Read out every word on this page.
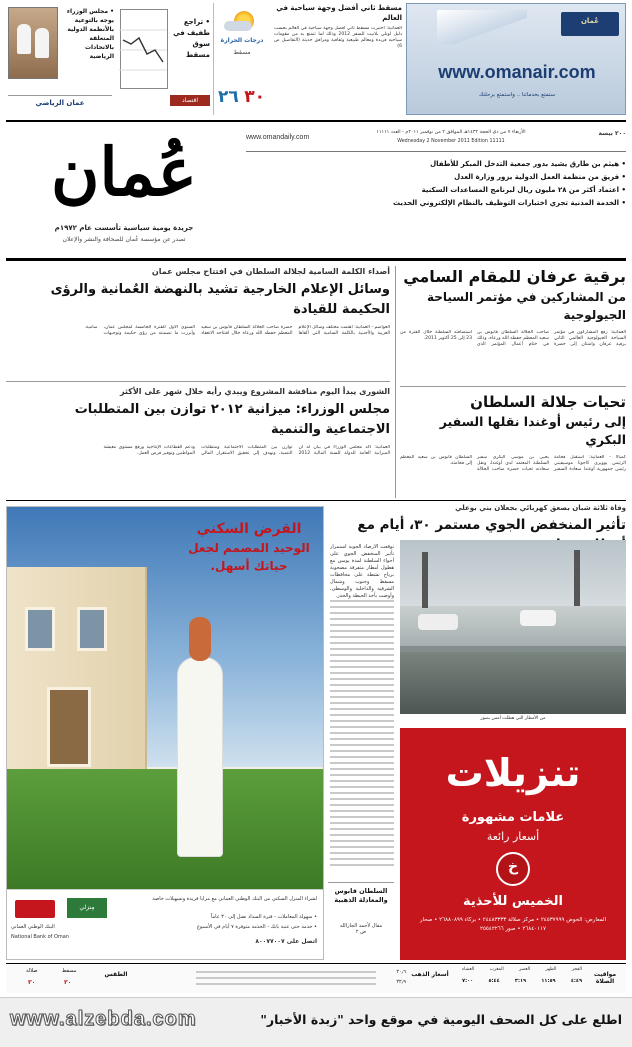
عُمان
www.omanair.com
ستمتع بخدماتنا .. واستمتع برحلتك
مسقط ثاني أفضل وجهة سياحية في العالم
العمانية: اختيرت مسقط ثاني أفضل وجهة سياحية في العالم بحسب دليل لونلي بلانيت للسفر 2012 وذلك لما تتمتع به من مقومات سياحية فريدة ومعالم طبيعية وثقافية ومرافق حديثة (التفاصيل ص 6)
درجات الحرارة
مسقط
٣٠
٢٦
• تراجع طفيف في سوق مسقط
اقتصاد
• مجلس الوزراء يوجه بالتوعية بالأنظمة الدولية المتعلقة بالاتحادات الرياضية
عمان الرياضي
٢٠٠ بيسة
الأربعاء ٧ من ذي الحجة ١٤٣٢هـ الموافق ٢ من نوفمبر ٢٠١١م - العدد ١١١١١
Wednesday 2 November 2011 Edition 11111
www.omandaily.com
• هيثم بن طارق يشيد بدور جمعية التدخل المبكر للأطفال
• فريق من منظمة العمل الدولية يزور وزارة العدل
• اعتماد أكثر من ٢٨ مليون ريال لبرنامج المساعدات السكنية
• الخدمة المدنية تجري اختبارات التوظيف بالنظام الإلكتروني الحديث
عُمان
جريدة يومية سياسية تأسست عام ١٩٧٢م
تصدر عن مؤسسة عُمان للصحافة والنشر والإعلان
برقية عرفان للمقام السامي
من المشاركين في مؤتمر السياحة الجيولوجية
العمانية: رفع المشاركون في مؤتمر السياحة الجيولوجية العالمي الثاني برقية عرفان وامتنان إلى حضرة صاحب الجلالة السلطان قابوس بن سعيد المعظم حفظه الله ورعاه، وذلك في ختام أعمال المؤتمر الذي استضافته السلطنة خلال الفترة من 23 إلى 25 أكتوبر 2011.
تحيات جلالة السلطان
إلى رئيس أوغندا نقلها السفير البكري
كمبالا - العمانية: استقبل فخامة الرئيس يوويري كاجوتا موسيفيني رئيس جمهورية أوغندا سعادة السفير يحيى بن موسى البكري سفير السلطنة المعتمد لدى أوغندا، ونقل سعادته تحيات حضرة صاحب الجلالة السلطان قابوس بن سعيد المعظم إلى فخامته.
أصداء الكلمة السامية لجلالة السلطان في افتتاح مجلس عمان
وسائل الإعلام الخارجية تشيد بالنهضة العُمانية والرؤى الحكيمة للقيادة
العواصم - العمانية: اهتمت مختلف وسائل الإعلام العربية والأجنبية بالكلمة السامية التي ألقاها حضرة صاحب الجلالة السلطان قابوس بن سعيد المعظم حفظه الله ورعاه خلال افتتاحه الانعقاد السنوي الأول للفترة الخامسة لمجلس عمان، وأبرزت ما تضمنته من رؤى حكيمة وتوجيهات سامية.
الشورى يبدأ اليوم مناقشة المشروع ويبدي رأيه خلال شهر على الأكثر
مجلس الوزراء: ميزانية ٢٠١٢ توازن بين المتطلبات الاجتماعية والتنمية
العمانية: أكد مجلس الوزراء في بيان له أن الميزانية العامة للدولة للسنة المالية 2012 توازن بين المتطلبات الاجتماعية ومتطلبات التنمية، وتهدف إلى تحقيق الاستقرار المالي ودعم القطاعات الإنتاجية ورفع مستوى معيشة المواطنين وتوفير فرص العمل.
وفاة ثلاثة شبان بصعق كهربائي بجعلان بني بوعلي
تأثير المنخفض الجوي مستمر ٣٠، أيام مع
من الأمطار التي هطلت أمس بصور
توقعت الأرصاد الجوية استمرار تأثير المنخفض الجوي على أجواء السلطنة لمدة يومين مع هطول أمطار متفرقة مصحوبة برياح نشطة على محافظات مسقط وجنوب وشمال الشرقية والداخلية والوسطى، وأوصت بأخذ الحيطة والحذر.
تنزيلات
علامات مشهورة
أسعار رائعة
خ
الخميس للأحذية
المعارض: الخوض ٢٤٥٣٧٩٩٩ • مركز صلالة ٢٤٤٨٣٣٣٣ • بركاء ٢٦٨٨٠٨٩٩ • صحار ٢٦٨٤٠١١٧ • صور ٢٥٥٤٢٢٦٦
القرض السكني
الوحيد المصمم لجعل
حياتك أسهل.
لشراء المنزل السكني من البنك الوطني العماني مع مزايا فريدة وتسهيلات خاصة
• سهولة المعاملات - فترة السداد تصل إلى ٣٠ عاماً
• خدمة حتى عتبة بابك - الخدمة متوفرة ٧ أيام في الأسبوع
اتصل على ٨٠٠٧٧٠٠٧
مِنزلي
البنك الوطني العماني
National Bank of Oman
السلطان قابوس والمعادلة الذهبية
مقال لأحمد الجارالله
ص ٢
مواقيت الصلاة
الفجر
الظهر
العصر
المغرب
العشاء
٤:٤٩
١١:٥٩
٣:١٩
٥:٤٤
٧:٠٠
أسعار الذهب
٢٠٫٦
٢٢٫٩
الطقس
مسقط
صلالة
٣٠
٣٠
اطلع على كل الصحف اليومية في موقع واحد "زبدة الأخبار"
www.alzebda.com
